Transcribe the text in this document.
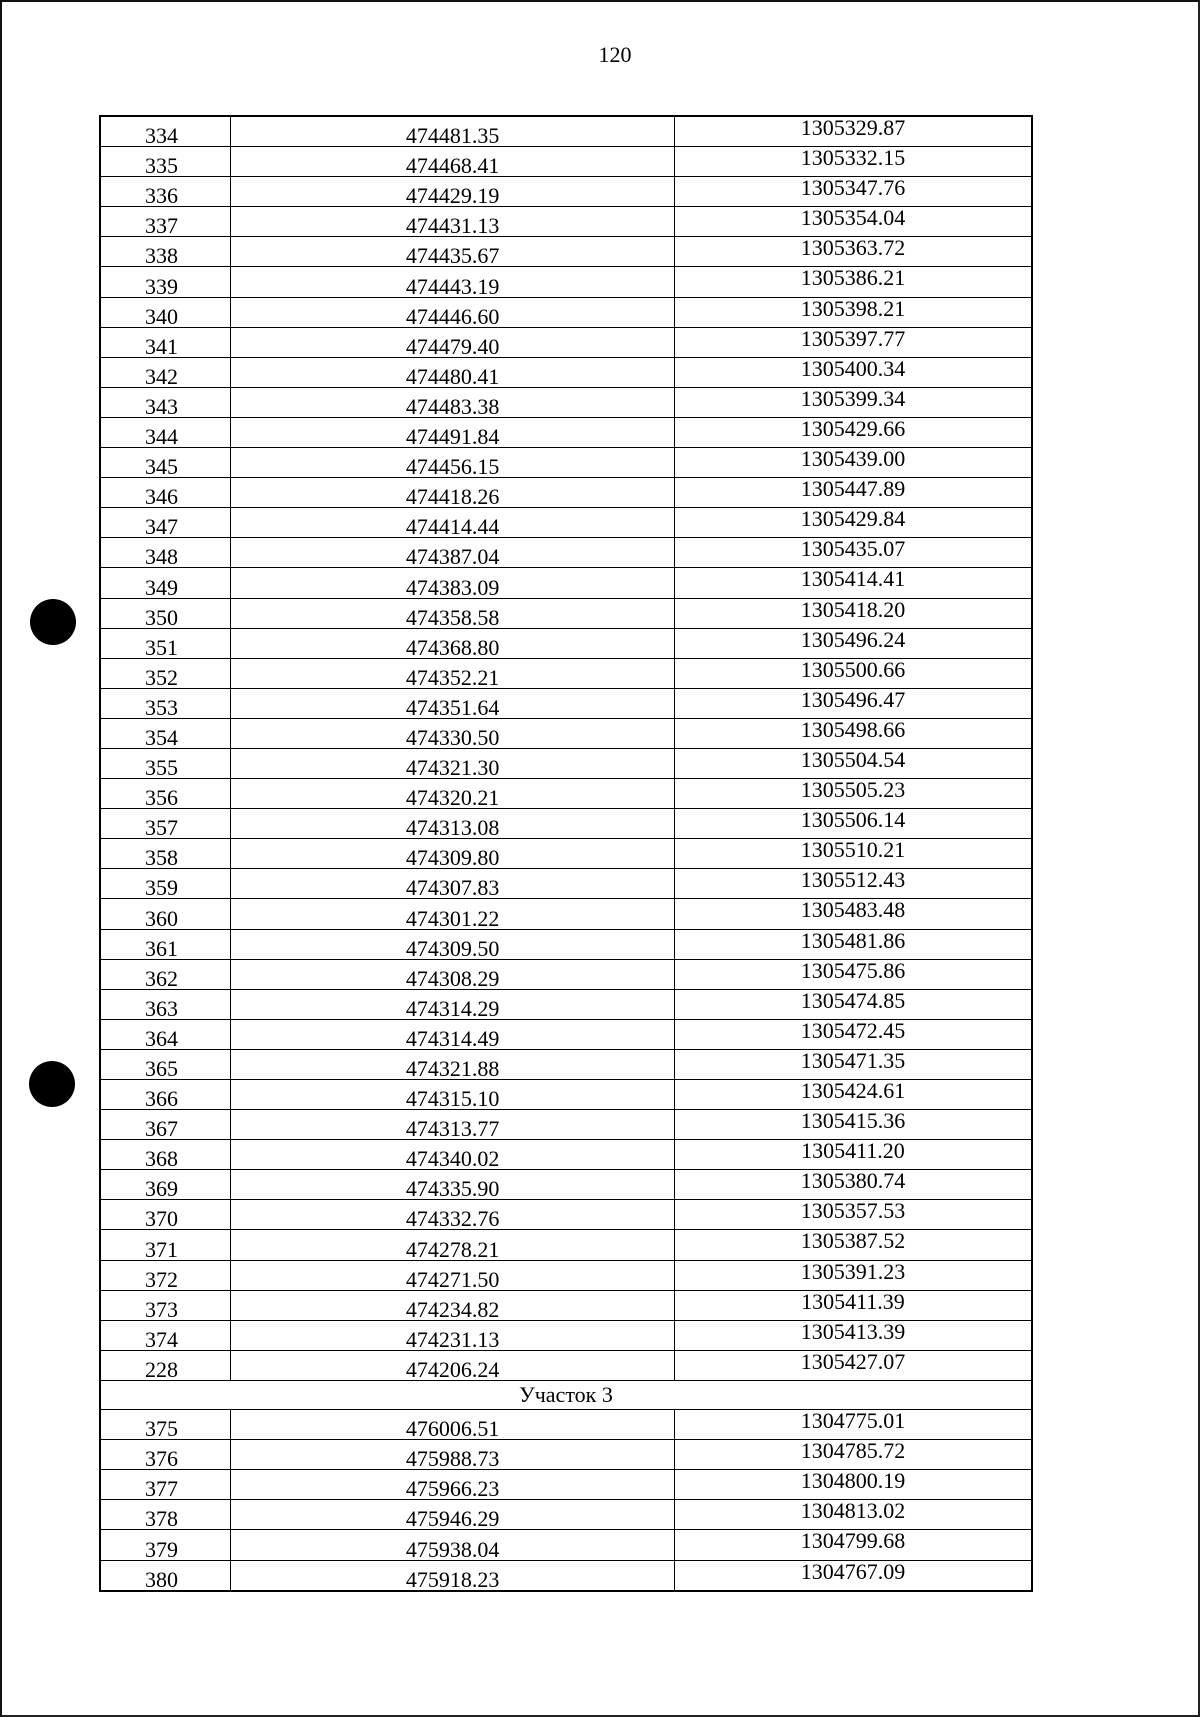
120
334	474481.35	1305329.87
335	474468.41	1305332.15
336	474429.19	1305347.76
337	474431.13	1305354.04
338	474435.67	1305363.72
339	474443.19	1305386.21
340	474446.60	1305398.21
341	474479.40	1305397.77
342	474480.41	1305400.34
343	474483.38	1305399.34
344	474491.84	1305429.66
345	474456.15	1305439.00
346	474418.26	1305447.89
347	474414.44	1305429.84
348	474387.04	1305435.07
349	474383.09	1305414.41
350	474358.58	1305418.20
351	474368.80	1305496.24
352	474352.21	1305500.66
353	474351.64	1305496.47
354	474330.50	1305498.66
355	474321.30	1305504.54
356	474320.21	1305505.23
357	474313.08	1305506.14
358	474309.80	1305510.21
359	474307.83	1305512.43
360	474301.22	1305483.48
361	474309.50	1305481.86
362	474308.29	1305475.86
363	474314.29	1305474.85
364	474314.49	1305472.45
365	474321.88	1305471.35
366	474315.10	1305424.61
367	474313.77	1305415.36
368	474340.02	1305411.20
369	474335.90	1305380.74
370	474332.76	1305357.53
371	474278.21	1305387.52
372	474271.50	1305391.23
373	474234.82	1305411.39
374	474231.13	1305413.39
228	474206.24	1305427.07
Участок 3		
375	476006.51	1304775.01
376	475988.73	1304785.72
377	475966.23	1304800.19
378	475946.29	1304813.02
379	475938.04	1304799.68
380	475918.23	1304767.09
